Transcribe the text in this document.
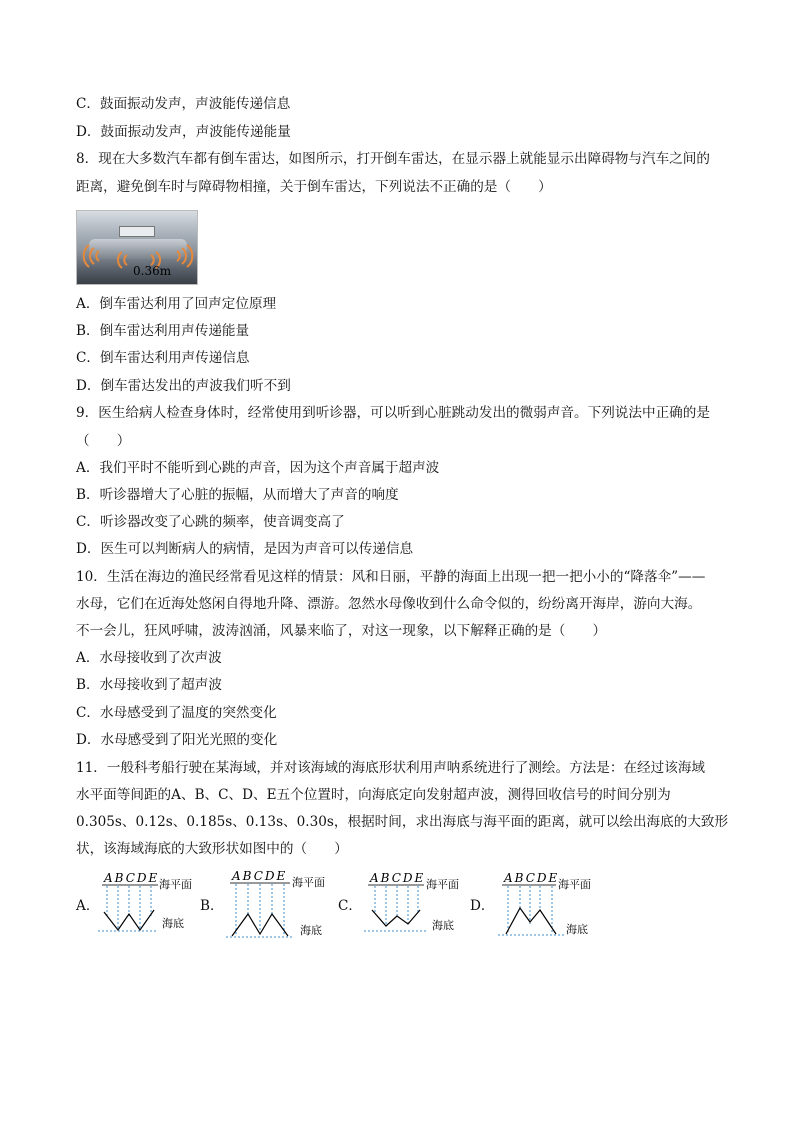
C．鼓面振动发声，声波能传递信息
D．鼓面振动发声，声波能传递能量
8．现在大多数汽车都有倒车雷达，如图所示，打开倒车雷达，在显示器上就能显示出障碍物与汽车之间的
距离，避免倒车时与障碍物相撞，关于倒车雷达，下列说法不正确的是（　　）
0.36m
A．倒车雷达利用了回声定位原理
B．倒车雷达利用声传递能量
C．倒车雷达利用声传递信息
D．倒车雷达发出的声波我们听不到
9．医生给病人检查身体时，经常使用到听诊器，可以听到心脏跳动发出的微弱声音。下列说法中正确的是
（　　）
A．我们平时不能听到心跳的声音，因为这个声音属于超声波
B．听诊器增大了心脏的振幅，从而增大了声音的响度
C．听诊器改变了心跳的频率，使音调变高了
D．医生可以判断病人的病情，是因为声音可以传递信息
10．生活在海边的渔民经常看见这样的情景：风和日丽，平静的海面上出现一把一把小小的“降落伞”——
水母，它们在近海处悠闲自得地升降、漂游。忽然水母像收到什么命令似的，纷纷离开海岸，游向大海。
不一会儿，狂风呼啸，波涛汹涌，风暴来临了，对这一现象，以下解释正确的是（　　）
A．水母接收到了次声波
B．水母接收到了超声波
C．水母感受到了温度的突然变化
D．水母感受到了阳光光照的变化
11．一般科考船行驶在某海域，并对该海域的海底形状利用声呐系统进行了测绘。方法是：在经过该海域
水平面等间距的A、B、C、D、E五个位置时，向海底定向发射超声波，测得回收信号的时间分别为
0.305s、0.12s、0.185s、0.13s、0.30s，根据时间，求出海底与海平面的距离，就可以绘出海底的大致形
状，该海域海底的大致形状如图中的（　　）
A．
ABCDE 海平面
海底
B．
ABCDE 海平面
海底
C．
ABCDE 海平面
海底
D．
ABCDE
海平面
海底
